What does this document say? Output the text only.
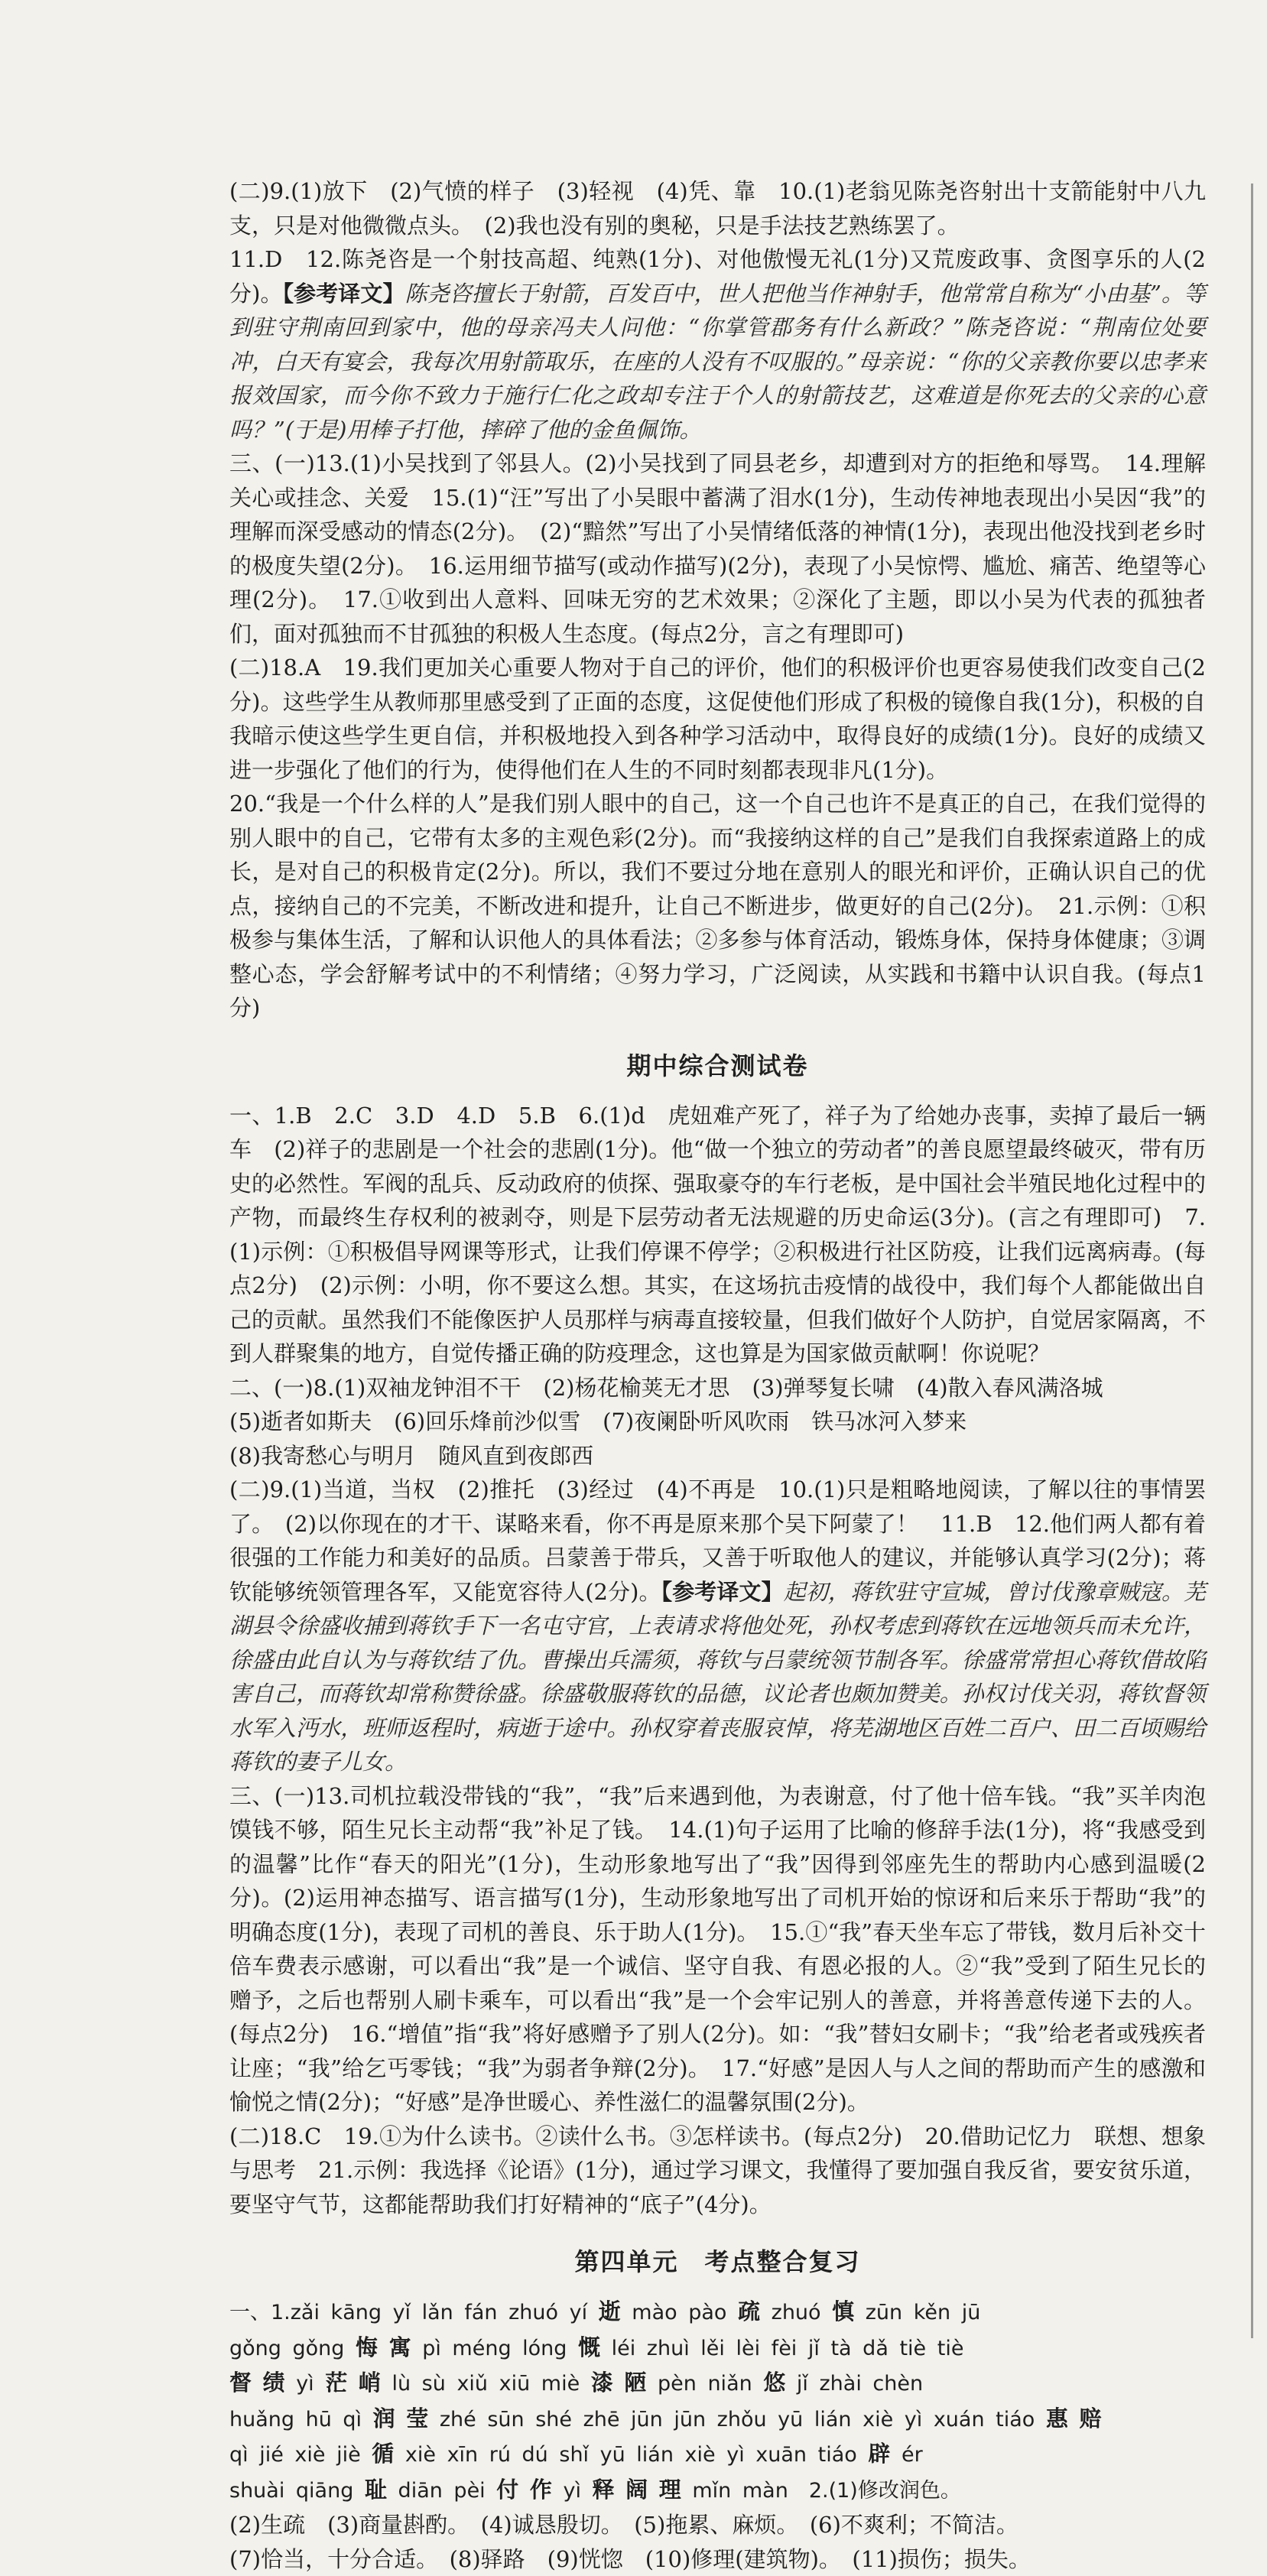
(二)9.(1)放下　(2)气愤的样子　(3)轻视　(4)凭、靠　10.(1)老翁见陈尧咨射出十支箭能射中八九支，只是对他微微点头。　(2)我也没有别的奥秘，只是手法技艺熟练罢了。

11.D　12.陈尧咨是一个射技高超、纯熟(1分)、对他傲慢无礼(1分)又荒废政事、贪图享乐的人(2分)。【参考译文】陈尧咨擅长于射箭，百发百中，世人把他当作神射手，他常常自称为“小由基”。等到驻守荆南回到家中，他的母亲冯夫人问他：“你掌管郡务有什么新政？”陈尧咨说：“荆南位处要冲，白天有宴会，我每次用射箭取乐，在座的人没有不叹服的。”母亲说：“你的父亲教你要以忠孝来报效国家，而今你不致力于施行仁化之政却专注于个人的射箭技艺，这难道是你死去的父亲的心意吗？”(于是)用棒子打他，摔碎了他的金鱼佩饰。

三、(一)13.(1)小吴找到了邻县人。(2)小吴找到了同县老乡，却遭到对方的拒绝和辱骂。　14.理解　关心或挂念、关爱　15.(1)“汪”写出了小吴眼中蓄满了泪水(1分)，生动传神地表现出小吴因“我”的理解而深受感动的情态(2分)。　(2)“黯然”写出了小吴情绪低落的神情(1分)，表现出他没找到老乡时的极度失望(2分)。　16.运用细节描写(或动作描写)(2分)，表现了小吴惊愕、尴尬、痛苦、绝望等心理(2分)。　17.①收到出人意料、回味无穷的艺术效果；②深化了主题，即以小吴为代表的孤独者们，面对孤独而不甘孤独的积极人生态度。(每点2分，言之有理即可)

(二)18.A　19.我们更加关心重要人物对于自己的评价，他们的积极评价也更容易使我们改变自己(2分)。这些学生从教师那里感受到了正面的态度，这促使他们形成了积极的镜像自我(1分)，积极的自我暗示使这些学生更自信，并积极地投入到各种学习活动中，取得良好的成绩(1分)。良好的成绩又进一步强化了他们的行为，使得他们在人生的不同时刻都表现非凡(1分)。

20.“我是一个什么样的人”是我们别人眼中的自己，这一个自己也许不是真正的自己，在我们觉得的别人眼中的自己，它带有太多的主观色彩(2分)。而“我接纳这样的自己”是我们自我探索道路上的成长，是对自己的积极肯定(2分)。所以，我们不要过分地在意别人的眼光和评价，正确认识自己的优点，接纳自己的不完美，不断改进和提升，让自己不断进步，做更好的自己(2分)。　21.示例：①积极参与集体生活，了解和认识他人的具体看法；②多参与体育活动，锻炼身体，保持身体健康；③调整心态，学会舒解考试中的不利情绪；④努力学习，广泛阅读，从实践和书籍中认识自我。(每点1分)

期中综合测试卷

一、1.B　2.C　3.D　4.D　5.B　6.(1)d　虎妞难产死了，祥子为了给她办丧事，卖掉了最后一辆车　(2)祥子的悲剧是一个社会的悲剧(1分)。他“做一个独立的劳动者”的善良愿望最终破灭，带有历史的必然性。军阀的乱兵、反动政府的侦探、强取豪夺的车行老板，是中国社会半殖民地化过程中的产物，而最终生存权利的被剥夺，则是下层劳动者无法规避的历史命运(3分)。(言之有理即可)　7.(1)示例：①积极倡导网课等形式，让我们停课不停学；②积极进行社区防疫，让我们远离病毒。(每点2分)　(2)示例：小明，你不要这么想。其实，在这场抗击疫情的战役中，我们每个人都能做出自己的贡献。虽然我们不能像医护人员那样与病毒直接较量，但我们做好个人防护，自觉居家隔离，不到人群聚集的地方，自觉传播正确的防疫理念，这也算是为国家做贡献啊！你说呢？

二、(一)8.(1)双袖龙钟泪不干　(2)杨花榆荚无才思　(3)弹琴复长啸　(4)散入春风满洛城

(5)逝者如斯夫　(6)回乐烽前沙似雪　(7)夜阑卧听风吹雨　铁马冰河入梦来

(8)我寄愁心与明月　随风直到夜郎西

(二)9.(1)当道，当权　(2)推托　(3)经过　(4)不再是　10.(1)只是粗略地阅读，了解以往的事情罢了。　(2)以你现在的才干、谋略来看，你不再是原来那个吴下阿蒙了！　11.B　12.他们两人都有着很强的工作能力和美好的品质。吕蒙善于带兵，又善于听取他人的建议，并能够认真学习(2分)；蒋钦能够统领管理各军，又能宽容待人(2分)。【参考译文】起初，蒋钦驻守宣城，曾讨伐豫章贼寇。芜湖县令徐盛收捕到蒋钦手下一名屯守官，上表请求将他处死，孙权考虑到蒋钦在远地领兵而未允许，徐盛由此自认为与蒋钦结了仇。曹操出兵濡须，蒋钦与吕蒙统领节制各军。徐盛常常担心蒋钦借故陷害自己，而蒋钦却常称赞徐盛。徐盛敬服蒋钦的品德，议论者也颇加赞美。孙权讨伐关羽，蒋钦督领水军入沔水，班师返程时，病逝于途中。孙权穿着丧服哀悼，将芜湖地区百姓二百户、田二百顷赐给蒋钦的妻子儿女。

三、(一)13.司机拉载没带钱的“我”，“我”后来遇到他，为表谢意，付了他十倍车钱。“我”买羊肉泡馍钱不够，陌生兄长主动帮“我”补足了钱。　14.(1)句子运用了比喻的修辞手法(1分)，将“我感受到的温馨”比作“春天的阳光”(1分)，生动形象地写出了“我”因得到邻座先生的帮助内心感到温暖(2分)。(2)运用神态描写、语言描写(1分)，生动形象地写出了司机开始的惊讶和后来乐于帮助“我”的明确态度(1分)，表现了司机的善良、乐于助人(1分)。　15.①“我”春天坐车忘了带钱，数月后补交十倍车费表示感谢，可以看出“我”是一个诚信、坚守自我、有恩必报的人。②“我”受到了陌生兄长的赠予，之后也帮别人刷卡乘车，可以看出“我”是一个会牢记别人的善意，并将善意传递下去的人。(每点2分)　16.“增值”指“我”将好感赠予了别人(2分)。如：“我”替妇女刷卡；“我”给老者或残疾者让座；“我”给乞丐零钱；“我”为弱者争辩(2分)。　17.“好感”是因人与人之间的帮助而产生的感激和愉悦之情(2分)；“好感”是净世暖心、养性滋仁的温馨氛围(2分)。

(二)18.C　19.①为什么读书。②读什么书。③怎样读书。(每点2分)　20.借助记忆力　联想、想象与思考　21.示例：我选择《论语》(1分)，通过学习课文，我懂得了要加强自我反省，要安贫乐道，要坚守气节，这都能帮助我们打好精神的“底子”(4分)。

第四单元　考点整合复习

一、1.zǎi kāng yǐ lǎn fán zhuó yí 逝 mào pào 疏 zhuó 慎 zūn kěn jū

gǒng gǒng 悔 寓 pì méng lóng 慨 léi zhuì lěi lèi fèi jǐ tà dǎ tiè tiè

督 绩 yì 茫 峭 lù sù xiǔ xiū miè 漆 陋 pèn niǎn 悠 jǐ zhài chèn

huǎng hū qì 润 莹 zhé sūn shé zhē jūn jūn zhǒu yū lián xiè yì xuán tiáo 惠 赔

qì jié xiè jiè 循 xiè xīn rú dú shǐ yū lián xiè yì xuān tiáo 辟 ér

shuài qiāng 耻 diān pèi 付 作 yì 释 阔 理 mǐn màn　2.(1)修改润色。

(2)生疏　(3)商量斟酌。　(4)诚恳殷切。　(5)拖累、麻烦。　(6)不爽利；不简洁。

(7)恰当，十分合适。　(8)驿路　(9)恍惚　(10)修理(建筑物)。　(11)损伤；损失。
